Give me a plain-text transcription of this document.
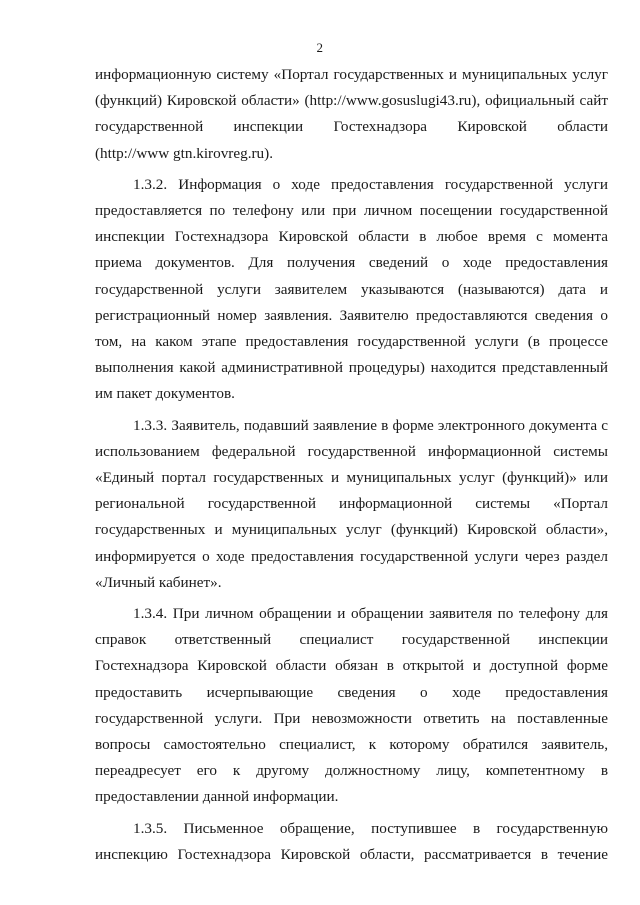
2
информационную систему «Портал государственных и муниципальных услуг
(функций) Кировской области» (http://www.gosuslugi43.ru), официальный сайт
государственной инспекции Гостехнадзора Кировской области
(http://www gtn.kirovreg.ru).
1.3.2. Информация о ходе предоставления государственной услуги
предоставляется по телефону или при личном посещении государственной
инспекции Гостехнадзора Кировской области в любое время с момента
приема документов. Для получения сведений о ходе предоставления
государственной услуги заявителем указываются (называются) дата и
регистрационный номер заявления. Заявителю предоставляются сведения о
том, на каком этапе предоставления государственной услуги (в процессе
выполнения какой административной процедуры) находится представленный
им пакет документов.
1.3.3. Заявитель, подавший заявление в форме электронного документа с
использованием федеральной государственной информационной системы
«Единый портал государственных и муниципальных услуг (функций)» или
региональной государственной информационной системы «Портал
государственных и муниципальных услуг (функций) Кировской области»,
информируется о ходе предоставления государственной услуги через раздел
«Личный кабинет».
1.3.4. При личном обращении и обращении заявителя по телефону для
справок ответственный специалист государственной инспекции
Гостехнадзора Кировской области обязан в открытой и доступной форме
предоставить исчерпывающие сведения о ходе предоставления
государственной услуги. При невозможности ответить на поставленные
вопросы самостоятельно специалист, к которому обратился заявитель,
переадресует его к другому должностному лицу, компетентному в
предоставлении данной информации.
1.3.5. Письменное обращение, поступившее в государственную
инспекцию Гостехнадзора Кировской области, рассматривается в течение
